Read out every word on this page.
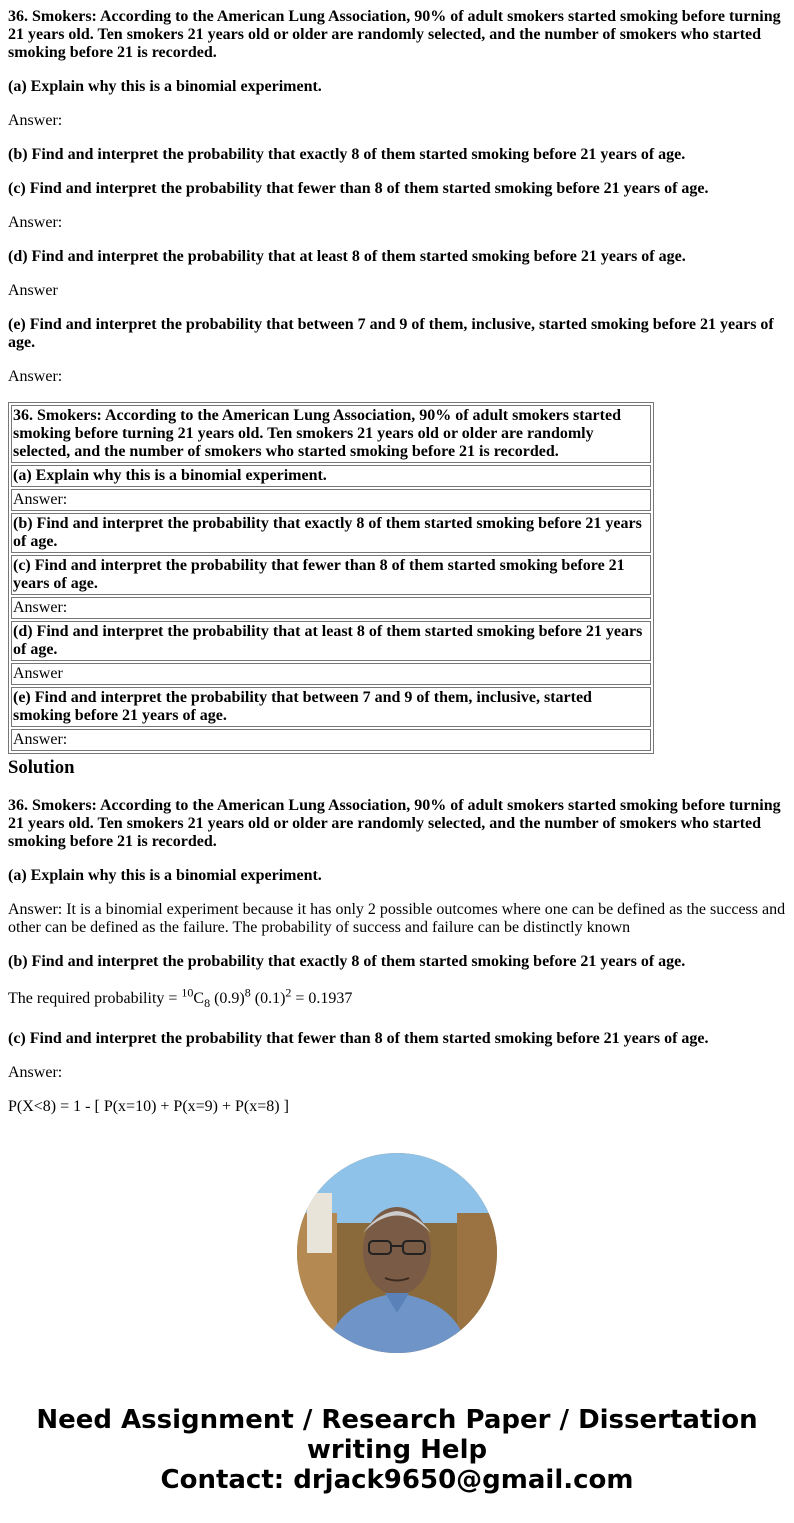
36. Smokers: According to the American Lung Association, 90% of adult smokers started smoking before turning 21 years old. Ten smokers 21 years old or older are randomly selected, and the number of smokers who started smoking before 21 is recorded.

(a) Explain why this is a binomial experiment.

Answer:

(b) Find and interpret the probability that exactly 8 of them started smoking before 21 years of age.

(c) Find and interpret the probability that fewer than 8 of them started smoking before 21 years of age.

Answer:

(d) Find and interpret the probability that at least 8 of them started smoking before 21 years of age.

Answer

(e) Find and interpret the probability that between 7 and 9 of them, inclusive, started smoking before 21 years of age.

Answer:

36. Smokers: According to the American Lung Association, 90% of adult smokers started smoking before turning 21 years old. Ten smokers 21 years old or older are randomly selected, and the number of smokers who started smoking before 21 is recorded.
(a) Explain why this is a binomial experiment.
Answer:
(b) Find and interpret the probability that exactly 8 of them started smoking before 21 years of age.
(c) Find and interpret the probability that fewer than 8 of them started smoking before 21 years of age.
Answer:
(d) Find and interpret the probability that at least 8 of them started smoking before 21 years of age.
Answer
(e) Find and interpret the probability that between 7 and 9 of them, inclusive, started smoking before 21 years of age.
Answer:
Solution

36. Smokers: According to the American Lung Association, 90% of adult smokers started smoking before turning 21 years old. Ten smokers 21 years old or older are randomly selected, and the number of smokers who started smoking before 21 is recorded.

(a) Explain why this is a binomial experiment.

Answer: It is a binomial experiment because it has only 2 possible outcomes where one can be defined as the success and other can be defined as the failure. The probability of success and failure can be distinctly known

(b) Find and interpret the probability that exactly 8 of them started smoking before 21 years of age.

The required probability = $^{10}C_8$ $(0.9)^8$ $(0.1)^2 = 0.1937$

(c) Find and interpret the probability that fewer than 8 of them started smoking before 21 years of age.

Answer:

P(X<8) = 1 - [ P(x=10) + P(x=9) + P(x=8) ]

Need Assignment / Research Paper / Dissertation
writing Help
Contact: drjack9650@gmail.com
